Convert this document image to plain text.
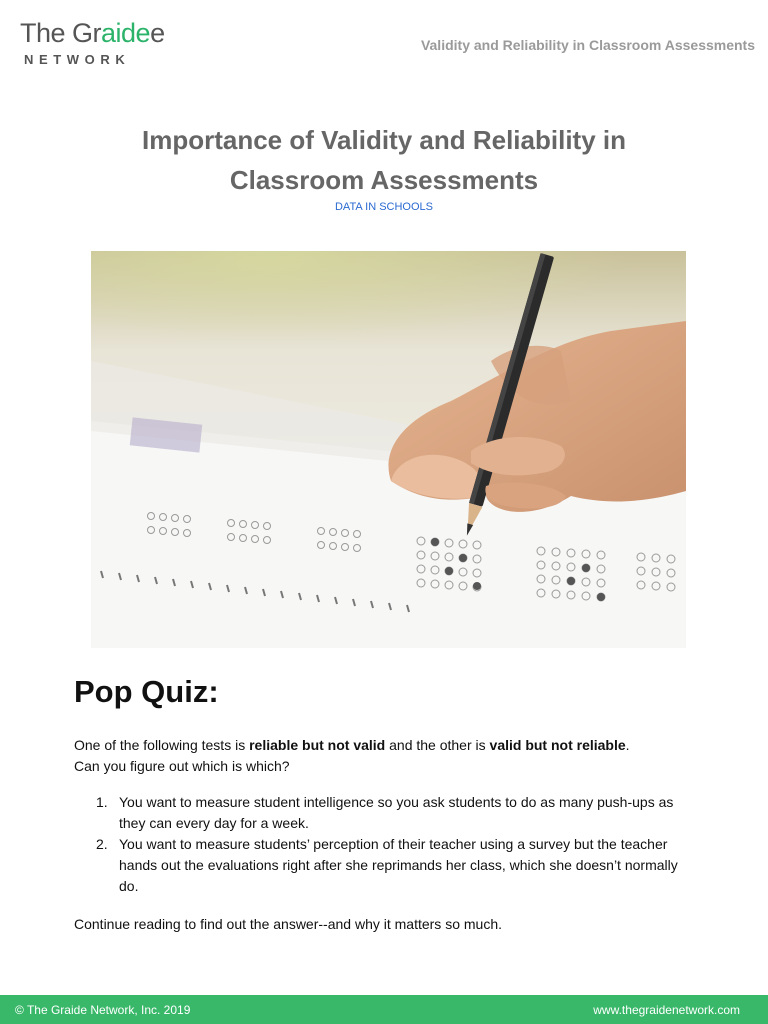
The Graidee
NETWORK
Validity and Reliability in Classroom Assessments
Importance of Validity and Reliability in
Classroom Assessments
DATA IN SCHOOLS
Pop Quiz:
One of the following tests is reliable but not valid and the other is valid but not reliable.
Can you figure out which is which?
1. You want to measure student intelligence so you ask students to do as many push-ups as they can every day for a week.
2. You want to measure students’ perception of their teacher using a survey but the teacher hands out the evaluations right after she reprimands her class, which she doesn’t normally do.
Continue reading to find out the answer--and why it matters so much.
© The Graide Network, Inc. 2019	www.thegraidenetwork.com
